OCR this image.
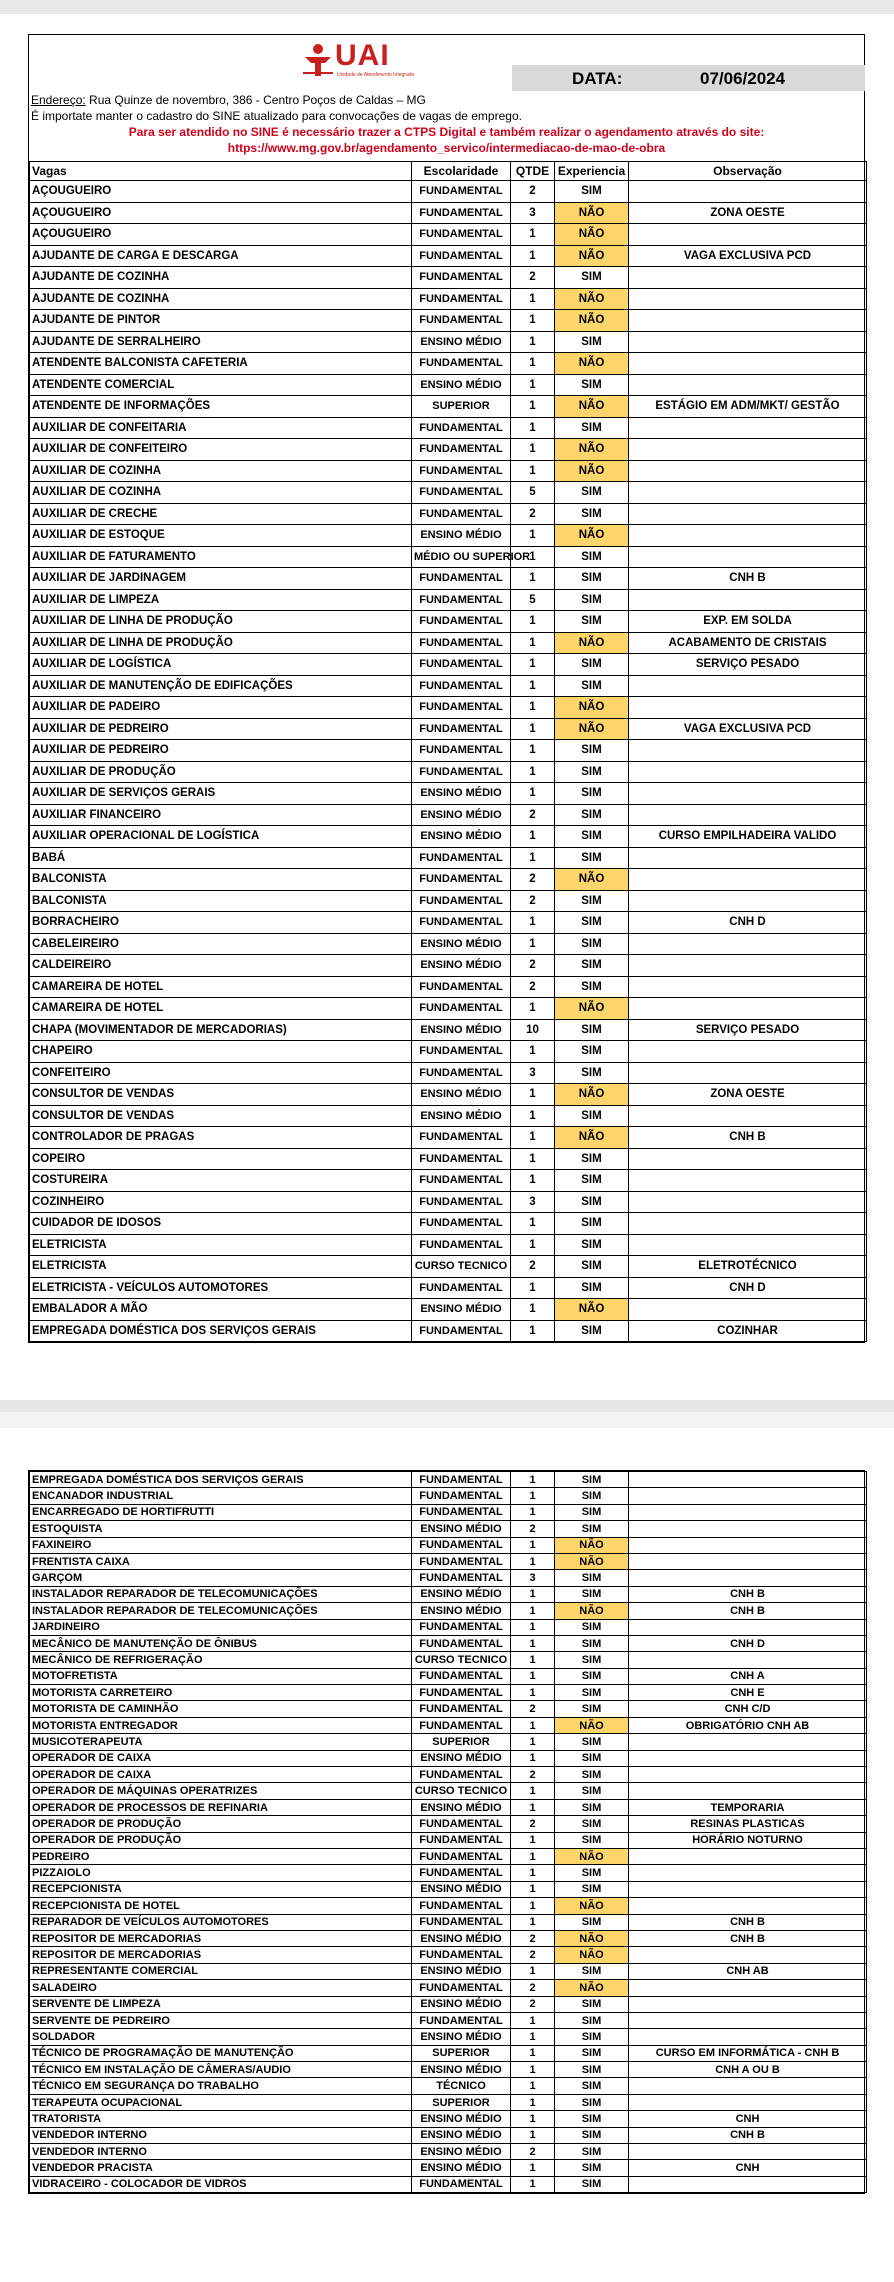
UAI
Unidade de Atendimento Integrado	DATA:	07/06/2024
Endereço: Rua Quinze de novembro, 386 - Centro Poços de Caldas – MG
É importate manter o cadastro do SINE atualizado para convocações de vagas de emprego.
Para ser atendido no SINE é necessário trazer a CTPS Digital e também realizar o agendamento através do site:
https://www.mg.gov.br/agendamento_servico/intermediacao-de-mao-de-obra
Vagas	Escolaridade	QTDE	Experiencia	Observação
AÇOUGUEIRO	FUNDAMENTAL	2	SIM	
AÇOUGUEIRO	FUNDAMENTAL	3	NÃO	ZONA OESTE
AÇOUGUEIRO	FUNDAMENTAL	1	NÃO	
AJUDANTE DE CARGA E DESCARGA	FUNDAMENTAL	1	NÃO	VAGA EXCLUSIVA PCD
AJUDANTE DE COZINHA	FUNDAMENTAL	2	SIM	
AJUDANTE DE COZINHA	FUNDAMENTAL	1	NÃO	
AJUDANTE DE PINTOR	FUNDAMENTAL	1	NÃO	
AJUDANTE DE SERRALHEIRO	ENSINO MÉDIO	1	SIM	
ATENDENTE BALCONISTA CAFETERIA	FUNDAMENTAL	1	NÃO	
ATENDENTE COMERCIAL	ENSINO MÉDIO	1	SIM	
ATENDENTE DE INFORMAÇÕES	SUPERIOR	1	NÃO	ESTÁGIO EM ADM/MKT/ GESTÃO
AUXILIAR DE CONFEITARIA	FUNDAMENTAL	1	SIM	
AUXILIAR DE CONFEITEIRO	FUNDAMENTAL	1	NÃO	
AUXILIAR DE COZINHA	FUNDAMENTAL	1	NÃO	
AUXILIAR DE COZINHA	FUNDAMENTAL	5	SIM	
AUXILIAR DE CRECHE	FUNDAMENTAL	2	SIM	
AUXILIAR DE ESTOQUE	ENSINO MÉDIO	1	NÃO	
AUXILIAR DE FATURAMENTO	MÉDIO OU SUPERIOR	1	SIM	
AUXILIAR DE JARDINAGEM	FUNDAMENTAL	1	SIM	CNH B
AUXILIAR DE LIMPEZA	FUNDAMENTAL	5	SIM	
AUXILIAR DE LINHA DE PRODUÇÃO	FUNDAMENTAL	1	SIM	EXP. EM SOLDA
AUXILIAR DE LINHA DE PRODUÇÃO	FUNDAMENTAL	1	NÃO	ACABAMENTO DE CRISTAIS
AUXILIAR DE LOGÍSTICA	FUNDAMENTAL	1	SIM	SERVIÇO PESADO
AUXILIAR DE MANUTENÇÃO DE EDIFICAÇÕES	FUNDAMENTAL	1	SIM	
AUXILIAR DE PADEIRO	FUNDAMENTAL	1	NÃO	
AUXILIAR DE PEDREIRO	FUNDAMENTAL	1	NÃO	VAGA EXCLUSIVA PCD
AUXILIAR DE PEDREIRO	FUNDAMENTAL	1	SIM	
AUXILIAR DE PRODUÇÃO	FUNDAMENTAL	1	SIM	
AUXILIAR DE SERVIÇOS GERAIS	ENSINO MÉDIO	1	SIM	
AUXILIAR FINANCEIRO	ENSINO MÉDIO	2	SIM	
AUXILIAR OPERACIONAL DE LOGÍSTICA	ENSINO MÉDIO	1	SIM	CURSO EMPILHADEIRA VALIDO
BABÁ	FUNDAMENTAL	1	SIM	
BALCONISTA	FUNDAMENTAL	2	NÃO	
BALCONISTA	FUNDAMENTAL	2	SIM	
BORRACHEIRO	FUNDAMENTAL	1	SIM	CNH D
CABELEIREIRO	ENSINO MÉDIO	1	SIM	
CALDEIREIRO	ENSINO MÉDIO	2	SIM	
CAMAREIRA DE HOTEL	FUNDAMENTAL	2	SIM	
CAMAREIRA DE HOTEL	FUNDAMENTAL	1	NÃO	
CHAPA (MOVIMENTADOR DE MERCADORIAS)	ENSINO MÉDIO	10	SIM	SERVIÇO PESADO
CHAPEIRO	FUNDAMENTAL	1	SIM	
CONFEITEIRO	FUNDAMENTAL	3	SIM	
CONSULTOR DE VENDAS	ENSINO MÉDIO	1	NÃO	ZONA OESTE
CONSULTOR DE VENDAS	ENSINO MÉDIO	1	SIM	
CONTROLADOR DE PRAGAS	FUNDAMENTAL	1	NÃO	CNH B
COPEIRO	FUNDAMENTAL	1	SIM	
COSTUREIRA	FUNDAMENTAL	1	SIM	
COZINHEIRO	FUNDAMENTAL	3	SIM	
CUIDADOR DE IDOSOS	FUNDAMENTAL	1	SIM	
ELETRICISTA	FUNDAMENTAL	1	SIM	
ELETRICISTA	CURSO TECNICO	2	SIM	ELETROTÉCNICO
ELETRICISTA - VEÍCULOS AUTOMOTORES	FUNDAMENTAL	1	SIM	CNH D
EMBALADOR A MÃO	ENSINO MÉDIO	1	NÃO	
EMPREGADA DOMÉSTICA DOS SERVIÇOS GERAIS	FUNDAMENTAL	1	SIM	COZINHAR
EMPREGADA DOMÉSTICA DOS SERVIÇOS GERAIS	FUNDAMENTAL	1	SIM	
ENCANADOR INDUSTRIAL	FUNDAMENTAL	1	SIM	
ENCARREGADO DE HORTIFRUTTI	FUNDAMENTAL	1	SIM	
ESTOQUISTA	ENSINO MÉDIO	2	SIM	
FAXINEIRO	FUNDAMENTAL	1	NÃO	
FRENTISTA CAIXA	FUNDAMENTAL	1	NÃO	
GARÇOM	FUNDAMENTAL	3	SIM	
INSTALADOR REPARADOR DE TELECOMUNICAÇÕES	ENSINO MÉDIO	1	SIM	CNH B
INSTALADOR REPARADOR DE TELECOMUNICAÇÕES	ENSINO MÉDIO	1	NÃO	CNH B
JARDINEIRO	FUNDAMENTAL	1	SIM	
MECÂNICO DE MANUTENÇÃO DE ÔNIBUS	FUNDAMENTAL	1	SIM	CNH D
MECÂNICO DE REFRIGERAÇÃO	CURSO TECNICO	1	SIM	
MOTOFRETISTA	FUNDAMENTAL	1	SIM	CNH A
MOTORISTA CARRETEIRO	FUNDAMENTAL	1	SIM	CNH E
MOTORISTA DE CAMINHÃO	FUNDAMENTAL	2	SIM	CNH C/D
MOTORISTA ENTREGADOR	FUNDAMENTAL	1	NÃO	OBRIGATÓRIO CNH AB
MUSICOTERAPEUTA	SUPERIOR	1	SIM	
OPERADOR DE CAIXA	ENSINO MÉDIO	1	SIM	
OPERADOR DE CAIXA	FUNDAMENTAL	2	SIM	
OPERADOR DE MÁQUINAS OPERATRIZES	CURSO TECNICO	1	SIM	
OPERADOR DE PROCESSOS DE REFINARIA	ENSINO MÉDIO	1	SIM	TEMPORARIA
OPERADOR DE PRODUÇÃO	FUNDAMENTAL	2	SIM	RESINAS PLASTICAS
OPERADOR DE PRODUÇÃO	FUNDAMENTAL	1	SIM	HORÁRIO NOTURNO
PEDREIRO	FUNDAMENTAL	1	NÃO	
PIZZAIOLO	FUNDAMENTAL	1	SIM	
RECEPCIONISTA	ENSINO MÉDIO	1	SIM	
RECEPCIONISTA DE HOTEL	FUNDAMENTAL	1	NÃO	
REPARADOR DE VEÍCULOS AUTOMOTORES	FUNDAMENTAL	1	SIM	CNH B
REPOSITOR DE MERCADORIAS	ENSINO MÉDIO	2	NÃO	CNH B
REPOSITOR DE MERCADORIAS	FUNDAMENTAL	2	NÃO	
REPRESENTANTE COMERCIAL	ENSINO MÉDIO	1	SIM	CNH AB
SALADEIRO	FUNDAMENTAL	2	NÃO	
SERVENTE DE LIMPEZA	ENSINO MÉDIO	2	SIM	
SERVENTE DE PEDREIRO	FUNDAMENTAL	1	SIM	
SOLDADOR	ENSINO MÉDIO	1	SIM	
TÉCNICO DE PROGRAMAÇÃO DE MANUTENÇÃO	SUPERIOR	1	SIM	CURSO EM INFORMÁTICA - CNH B
TÉCNICO EM INSTALAÇÃO DE CÂMERAS/AUDIO	ENSINO MÉDIO	1	SIM	CNH A OU B
TÉCNICO EM SEGURANÇA DO TRABALHO	TÉCNICO	1	SIM	
TERAPEUTA OCUPACIONAL	SUPERIOR	1	SIM	
TRATORISTA	ENSINO MÉDIO	1	SIM	CNH
VENDEDOR INTERNO	ENSINO MÉDIO	1	SIM	CNH B
VENDEDOR INTERNO	ENSINO MÉDIO	2	SIM	
VENDEDOR PRACISTA	ENSINO MÉDIO	1	SIM	CNH
VIDRACEIRO - COLOCADOR DE VIDROS	FUNDAMENTAL	1	SIM	
